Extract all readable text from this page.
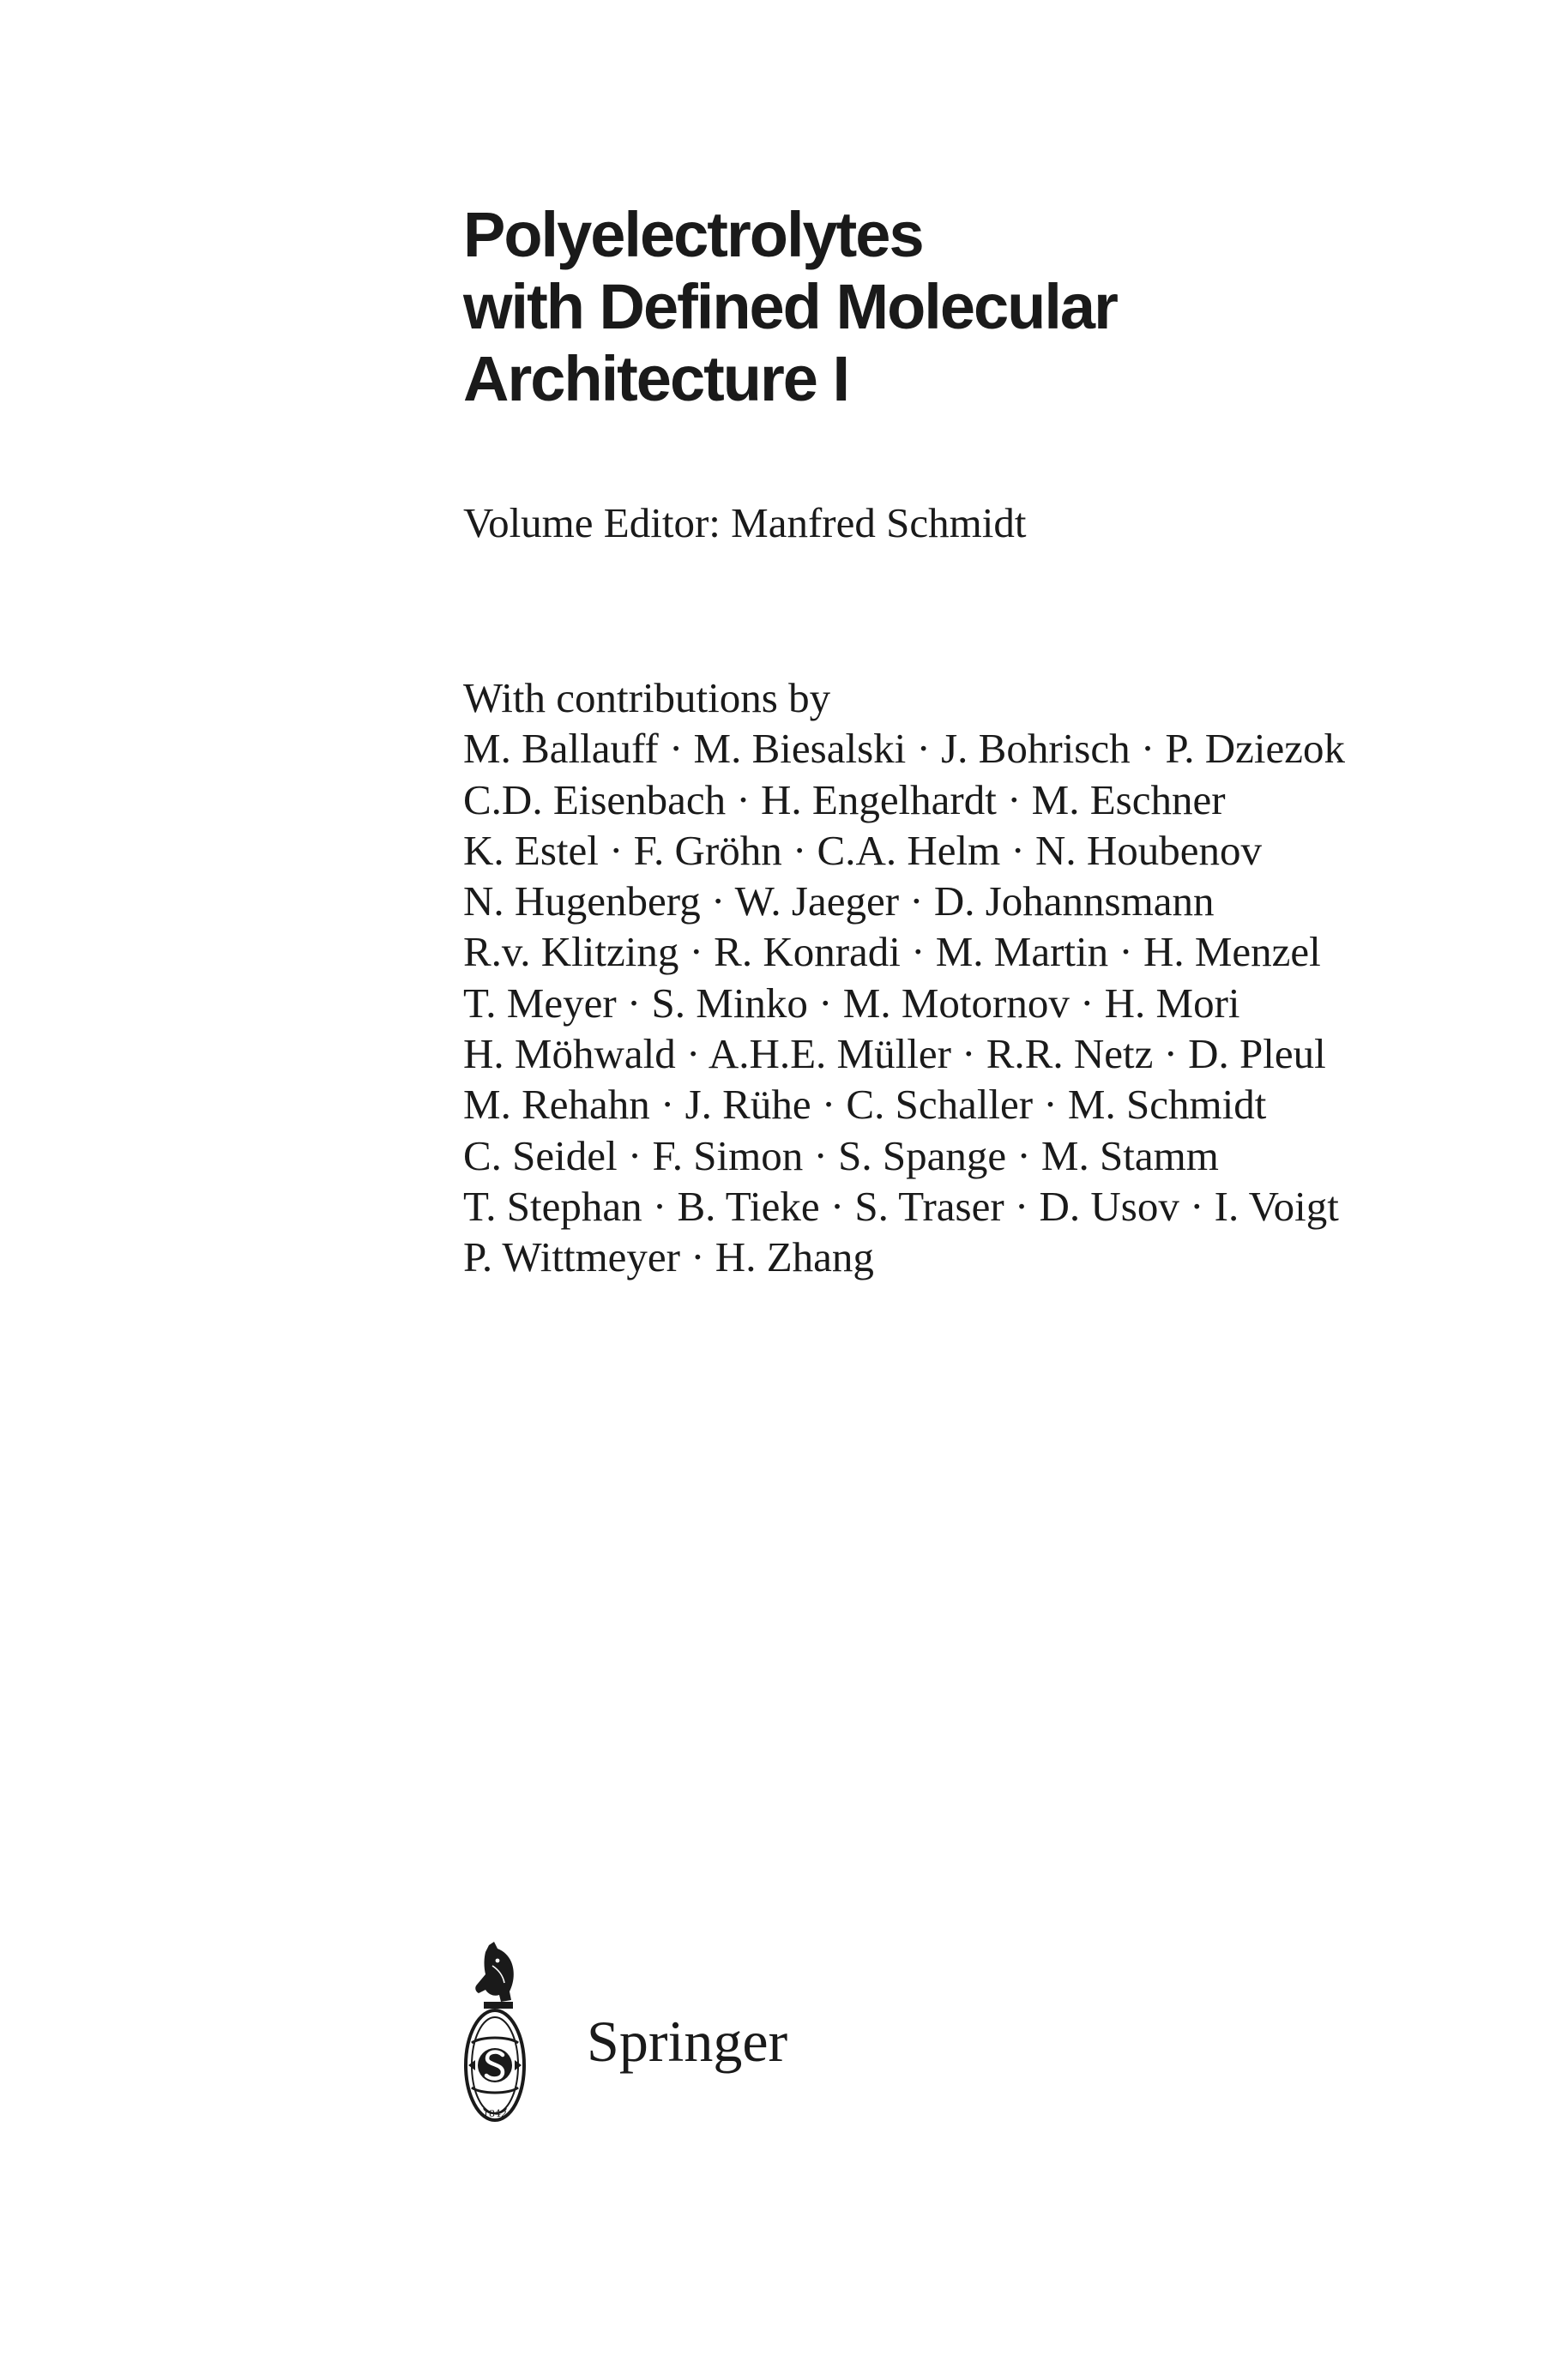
Polyelectrolytes
with Defined Molecular
Architecture I
Volume Editor: Manfred Schmidt
With contributions by
M. Ballauff · M. Biesalski · J. Bohrisch · P. Dziezok
C.D. Eisenbach · H. Engelhardt · M. Eschner
K. Estel · F. Gröhn · C.A. Helm · N. Houbenov
N. Hugenberg · W. Jaeger · D. Johannsmann
R.v. Klitzing · R. Konradi · M. Martin · H. Menzel
T. Meyer · S. Minko · M. Motornov · H. Mori
H. Möhwald · A.H.E. Müller · R.R. Netz · D. Pleul
M. Rehahn · J. Rühe · C. Schaller · M. Schmidt
C. Seidel · F. Simon · S. Spange · M. Stamm
T. Stephan · B. Tieke · S. Traser · D. Usov · I. Voigt
P. Wittmeyer · H. Zhang
1842
Springer
